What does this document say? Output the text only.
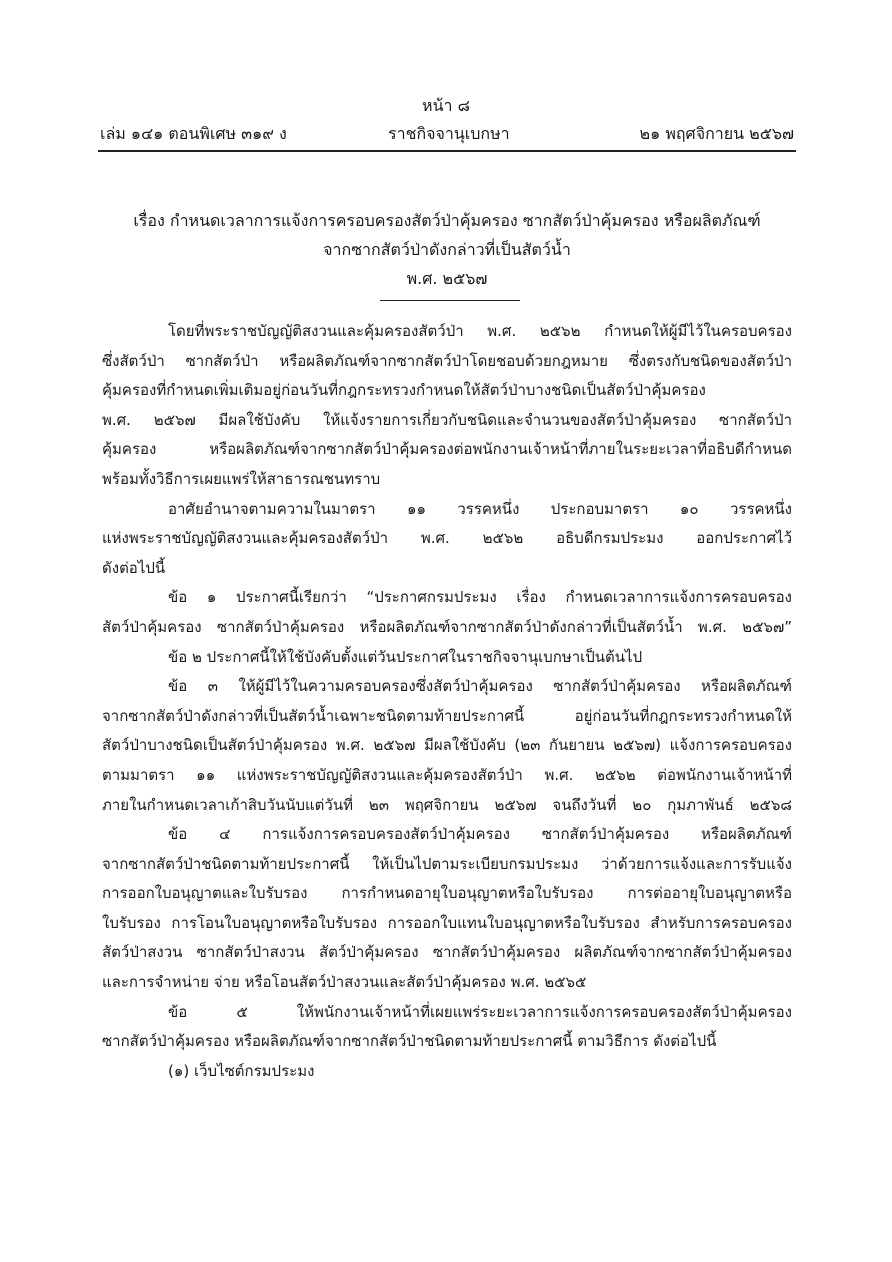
หน้า ๘
เล่ม ๑๔๑ ตอนพิเศษ ๓๑๙ ง	ราชกิจจานุเบกษา	๒๑ พฤศจิกายน ๒๕๖๗
เรื่อง กำหนดเวลาการแจ้งการครอบครองสัตว์ป่าคุ้มครอง ซากสัตว์ป่าคุ้มครอง หรือผลิตภัณฑ์
จากซากสัตว์ป่าดังกล่าวที่เป็นสัตว์น้ำ
พ.ศ. ๒๕๖๗
โดยที่พระราชบัญญัติสงวนและคุ้มครองสัตว์ป่า พ.ศ. ๒๕๖๒ กำหนดให้ผู้มีไว้ในครอบครอง
ซึ่งสัตว์ป่า ซากสัตว์ป่า หรือผลิตภัณฑ์จากซากสัตว์ป่าโดยชอบด้วยกฎหมาย ซึ่งตรงกับชนิดของสัตว์ป่า
คุ้มครองที่กำหนดเพิ่มเติมอยู่ก่อนวันที่กฎกระทรวงกำหนดให้สัตว์ป่าบางชนิดเป็นสัตว์ป่าคุ้มครอง
พ.ศ. ๒๕๖๗ มีผลใช้บังคับ ให้แจ้งรายการเกี่ยวกับชนิดและจำนวนของสัตว์ป่าคุ้มครอง ซากสัตว์ป่า
คุ้มครอง หรือผลิตภัณฑ์จากซากสัตว์ป่าคุ้มครองต่อพนักงานเจ้าหน้าที่ภายในระยะเวลาที่อธิบดีกำหนด
พร้อมทั้งวิธีการเผยแพร่ให้สาธารณชนทราบ
อาศัยอำนาจตามความในมาตรา ๑๑ วรรคหนึ่ง ประกอบมาตรา ๑๐ วรรคหนึ่ง
แห่งพระราชบัญญัติสงวนและคุ้มครองสัตว์ป่า พ.ศ. ๒๕๖๒ อธิบดีกรมประมง ออกประกาศไว้
ดังต่อไปนี้
ข้อ ๑ ประกาศนี้เรียกว่า “ประกาศกรมประมง เรื่อง กำหนดเวลาการแจ้งการครอบครอง
สัตว์ป่าคุ้มครอง ซากสัตว์ป่าคุ้มครอง หรือผลิตภัณฑ์จากซากสัตว์ป่าดังกล่าวที่เป็นสัตว์น้ำ พ.ศ. ๒๕๖๗”
ข้อ ๒ ประกาศนี้ให้ใช้บังคับตั้งแต่วันประกาศในราชกิจจานุเบกษาเป็นต้นไป
ข้อ ๓ ให้ผู้มีไว้ในความครอบครองซึ่งสัตว์ป่าคุ้มครอง ซากสัตว์ป่าคุ้มครอง หรือผลิตภัณฑ์
จากซากสัตว์ป่าดังกล่าวที่เป็นสัตว์น้ำเฉพาะชนิดตามท้ายประกาศนี้ อยู่ก่อนวันที่กฎกระทรวงกำหนดให้
สัตว์ป่าบางชนิดเป็นสัตว์ป่าคุ้มครอง พ.ศ. ๒๕๖๗ มีผลใช้บังคับ (๒๓ กันยายน ๒๕๖๗) แจ้งการครอบครอง
ตามมาตรา ๑๑ แห่งพระราชบัญญัติสงวนและคุ้มครองสัตว์ป่า พ.ศ. ๒๕๖๒ ต่อพนักงานเจ้าหน้าที่
ภายในกำหนดเวลาเก้าสิบวันนับแต่วันที่ ๒๓ พฤศจิกายน ๒๕๖๗ จนถึงวันที่ ๒๐ กุมภาพันธ์ ๒๕๖๘
ข้อ ๔ การแจ้งการครอบครองสัตว์ป่าคุ้มครอง ซากสัตว์ป่าคุ้มครอง หรือผลิตภัณฑ์
จากซากสัตว์ป่าชนิดตามท้ายประกาศนี้ ให้เป็นไปตามระเบียบกรมประมง ว่าด้วยการแจ้งและการรับแจ้ง
การออกใบอนุญาตและใบรับรอง การกำหนดอายุใบอนุญาตหรือใบรับรอง การต่ออายุใบอนุญาตหรือ
ใบรับรอง การโอนใบอนุญาตหรือใบรับรอง การออกใบแทนใบอนุญาตหรือใบรับรอง สำหรับการครอบครอง
สัตว์ป่าสงวน ซากสัตว์ป่าสงวน สัตว์ป่าคุ้มครอง ซากสัตว์ป่าคุ้มครอง ผลิตภัณฑ์จากซากสัตว์ป่าคุ้มครอง
และการจำหน่าย จ่าย หรือโอนสัตว์ป่าสงวนและสัตว์ป่าคุ้มครอง พ.ศ. ๒๕๖๕
ข้อ ๕ ให้พนักงานเจ้าหน้าที่เผยแพร่ระยะเวลาการแจ้งการครอบครองสัตว์ป่าคุ้มครอง
ซากสัตว์ป่าคุ้มครอง หรือผลิตภัณฑ์จากซากสัตว์ป่าชนิดตามท้ายประกาศนี้ ตามวิธีการ ดังต่อไปนี้
(๑) เว็บไซต์กรมประมง
